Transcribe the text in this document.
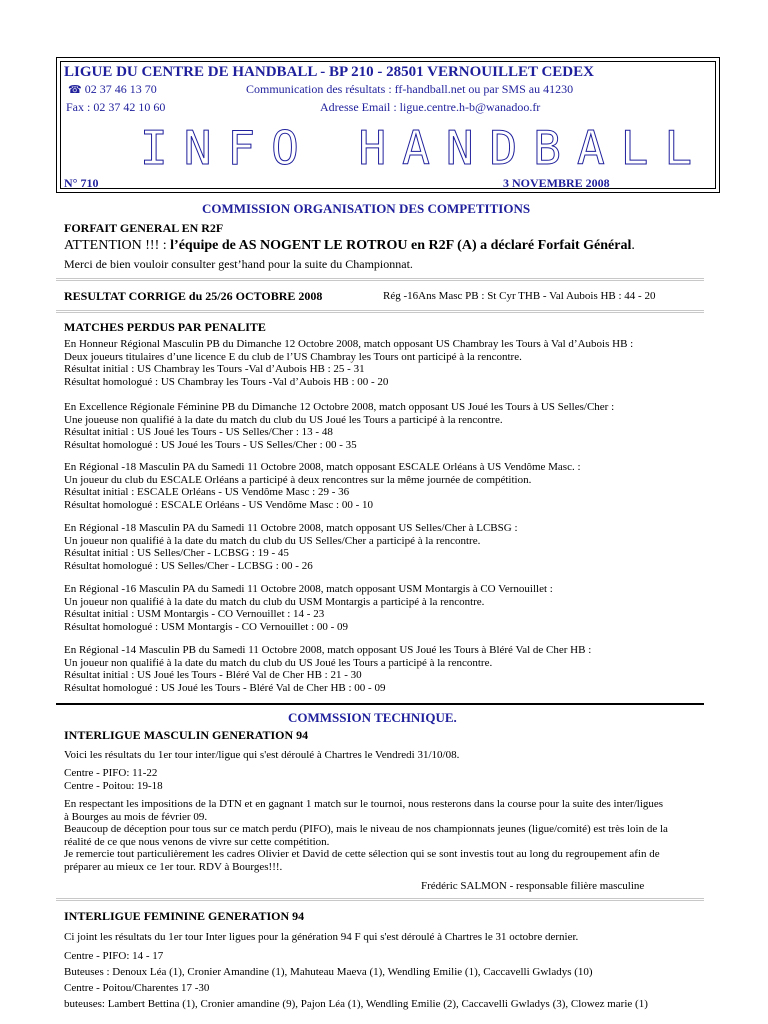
LIGUE DU CENTRE DE HANDBALL - BP 210 - 28501 VERNOUILLET CEDEX
☎ 02 37 46 13 70	Communication des résultats : ff-handball.net ou par SMS au 41230
Fax : 02 37 42 10 60	Adresse Email : ligue.centre.h-b@wanadoo.fr
INFO HANDBALL
N° 710	3 NOVEMBRE 2008
COMMISSION ORGANISATION DES COMPETITIONS
FORFAIT GENERAL EN R2F
ATTENTION !!! : l’équipe de AS NOGENT LE ROTROU en R2F (A) a déclaré Forfait Général.
Merci de bien vouloir consulter gest’hand pour la suite du Championnat.
RESULTAT CORRIGE du 25/26 OCTOBRE 2008	Rég -16Ans Masc PB : St Cyr THB - Val Aubois HB : 44 - 20
MATCHES PERDUS PAR PENALITE
En Honneur Régional Masculin PB du Dimanche 12 Octobre 2008, match opposant US Chambray les Tours à Val d’Aubois HB :
Deux joueurs titulaires d’une licence E du club de l’US Chambray les Tours ont participé à la rencontre.
Résultat initial : US Chambray les Tours -Val d’Aubois HB : 25 - 31
Résultat homologué : US Chambray les Tours -Val d’Aubois HB : 00 - 20
En Excellence Régionale Féminine PB du Dimanche 12 Octobre 2008, match opposant US Joué les Tours à US Selles/Cher :
Une joueuse non qualifié à la date du match du club du US Joué les Tours a participé à la rencontre.
Résultat initial : US Joué les Tours - US Selles/Cher : 13 - 48
Résultat homologué : US Joué les Tours - US Selles/Cher : 00 - 35
En Régional -18 Masculin PA du Samedi 11 Octobre 2008, match opposant ESCALE Orléans à US Vendôme Masc. :
Un joueur du club du ESCALE Orléans a participé à deux rencontres sur la même journée de compétition.
Résultat initial : ESCALE Orléans - US Vendôme Masc : 29 - 36
Résultat homologué : ESCALE Orléans - US Vendôme Masc : 00 - 10
En Régional -18 Masculin PA du Samedi 11 Octobre 2008, match opposant US Selles/Cher à LCBSG :
Un joueur non qualifié à la date du match du club du US Selles/Cher a participé à la rencontre.
Résultat initial : US Selles/Cher - LCBSG : 19 - 45
Résultat homologué : US Selles/Cher - LCBSG : 00 - 26
En Régional -16 Masculin PA du Samedi 11 Octobre 2008, match opposant USM Montargis à CO Vernouillet :
Un joueur non qualifié à la date du match du club du USM Montargis a participé à la rencontre.
Résultat initial : USM Montargis - CO Vernouillet : 14 - 23
Résultat homologué : USM Montargis - CO Vernouillet : 00 - 09
En Régional -14 Masculin PB du Samedi 11 Octobre 2008, match opposant US Joué les Tours à Bléré Val de Cher HB :
Un joueur non qualifié à la date du match du club du US Joué les Tours a participé à la rencontre.
Résultat initial : US Joué les Tours - Bléré Val de Cher HB : 21 - 30
Résultat homologué : US Joué les Tours - Bléré Val de Cher HB : 00 - 09
COMMSSION TECHNIQUE.
INTERLIGUE MASCULIN GENERATION 94
Voici les résultats du 1er tour inter/ligue qui s'est déroulé à Chartres le Vendredi 31/10/08.
Centre - PIFO: 11-22
Centre - Poitou: 19-18
En respectant les impositions de la DTN et en gagnant 1 match sur le tournoi, nous resterons dans la course pour la suite des inter/ligues
à Bourges au mois de février 09.
Beaucoup de déception pour tous sur ce match perdu (PIFO), mais le niveau de nos championnats jeunes (ligue/comité) est très loin de la
réalité de ce que nous venons de vivre sur cette compétition.
Je remercie tout particulièrement les cadres Olivier et David de cette sélection qui se sont investis tout au long du regroupement afin de
préparer au mieux ce 1er tour. RDV à Bourges!!!.
Frédéric SALMON - responsable filière masculine
INTERLIGUE FEMININE GENERATION 94
Ci joint les résultats du 1er tour Inter ligues pour la génération 94 F qui s'est déroulé à Chartres le 31 octobre dernier.
Centre - PIFO: 14 - 17
Buteuses : Denoux Léa (1), Cronier Amandine (1), Mahuteau Maeva (1), Wendling Emilie (1), Caccavelli Gwladys (10)
Centre - Poitou/Charentes 17 -30
buteuses: Lambert Bettina (1), Cronier amandine (9), Pajon Léa (1), Wendling Emilie (2), Caccavelli Gwladys (3), Clowez marie (1)
